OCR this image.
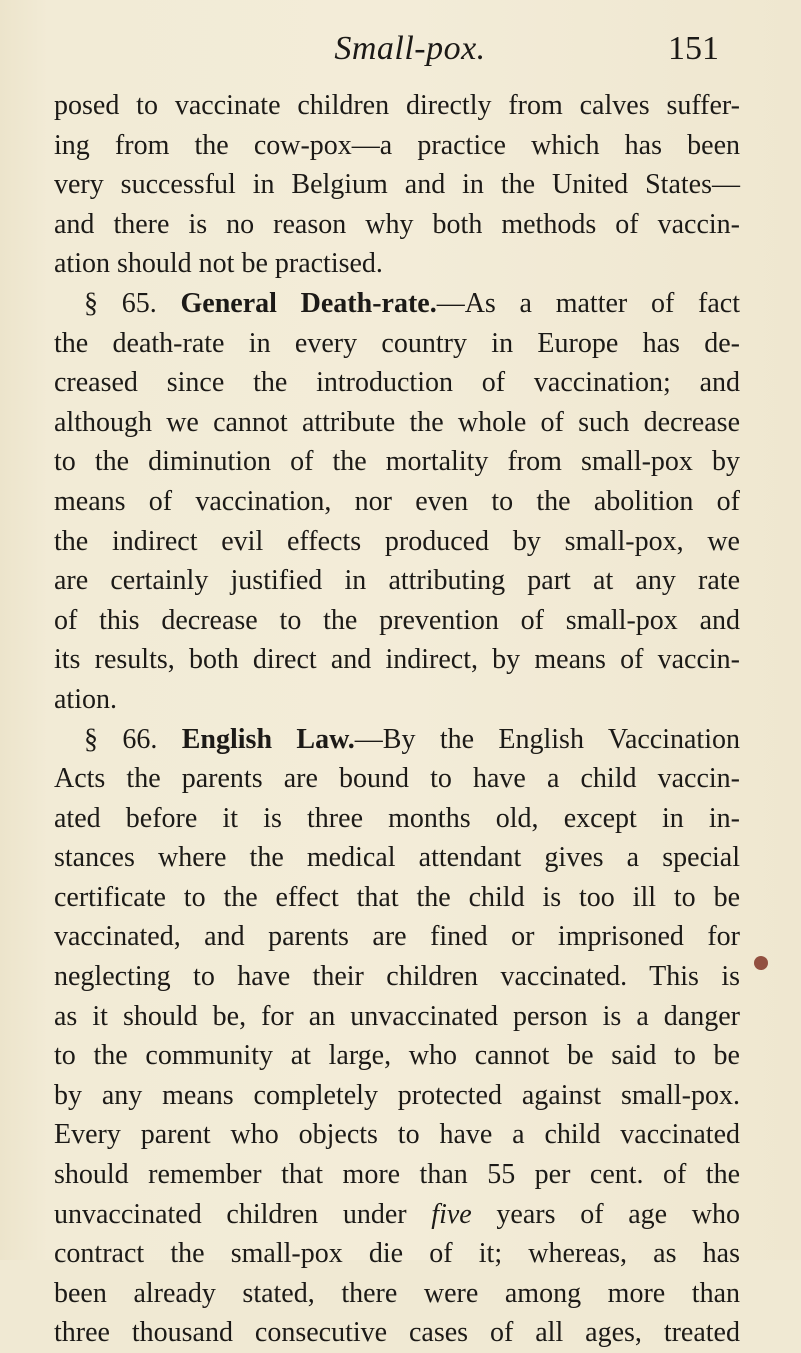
Small-pox.	151
posed to vaccinate children directly from calves suffer-
ing from the cow-pox—a practice which has been
very successful in Belgium and in the United States—
and there is no reason why both methods of vaccin-
ation should not be practised.
§ 65. General Death-rate.—As a matter of fact
the death-rate in every country in Europe has de-
creased since the introduction of vaccination; and
although we cannot attribute the whole of such decrease
to the diminution of the mortality from small-pox by
means of vaccination, nor even to the abolition of
the indirect evil effects produced by small-pox, we
are certainly justified in attributing part at any rate
of this decrease to the prevention of small-pox and
its results, both direct and indirect, by means of vaccin-
ation.
§ 66. English Law.—By the English Vaccination
Acts the parents are bound to have a child vaccin-
ated before it is three months old, except in in-
stances where the medical attendant gives a special
certificate to the effect that the child is too ill to be
vaccinated, and parents are fined or imprisoned for
neglecting to have their children vaccinated. This is
as it should be, for an unvaccinated person is a danger
to the community at large, who cannot be said to be
by any means completely protected against small-pox.
Every parent who objects to have a child vaccinated
should remember that more than 55 per cent. of the
unvaccinated children under five years of age who
contract the small-pox die of it; whereas, as has
been already stated, there were among more than
three thousand consecutive cases of all ages, treated
